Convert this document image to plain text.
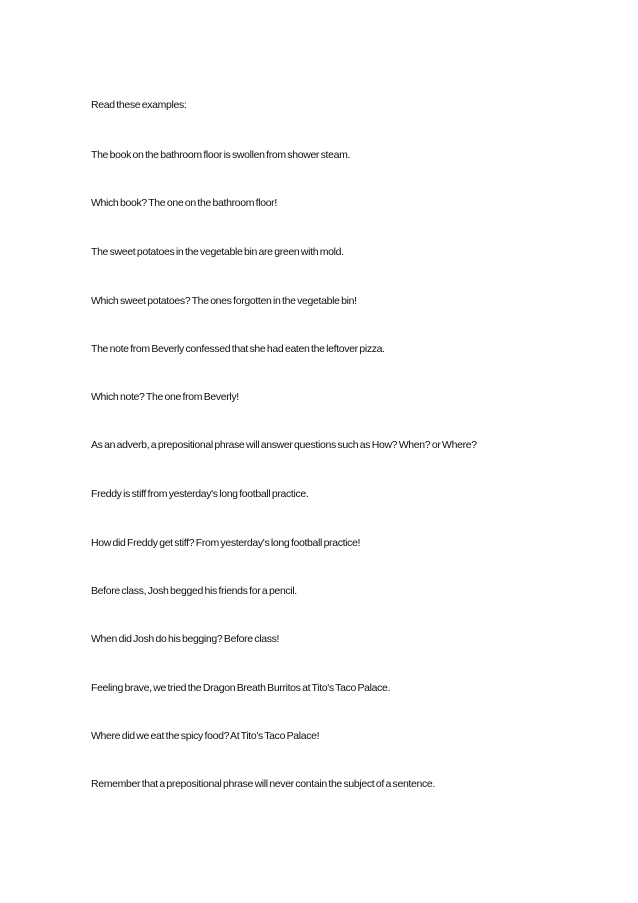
Read these examples:

The book on the bathroom floor is swollen from shower steam.

Which book? The one on the bathroom floor!

The sweet potatoes in the vegetable bin are green with mold.

Which sweet potatoes? The ones forgotten in the vegetable bin!

The note from Beverly confessed that she had eaten the leftover pizza.

Which note? The one from Beverly!

As an adverb, a prepositional phrase will answer questions such as How? When? or Where?

Freddy is stiff from yesterday's long football practice.

How did Freddy get stiff? From yesterday's long football practice!

Before class, Josh begged his friends for a pencil.

When did Josh do his begging? Before class!

Feeling brave, we tried the Dragon Breath Burritos at Tito's Taco Palace.

Where did we eat the spicy food? At Tito's Taco Palace!

Remember that a prepositional phrase will never contain the subject of a sentence.
